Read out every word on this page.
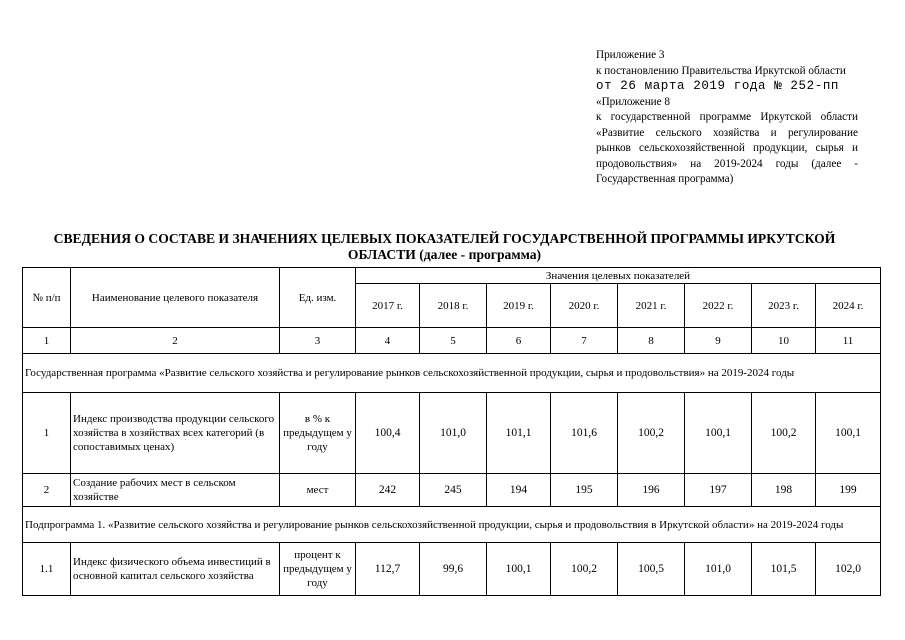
Приложение 3
к постановлению Правительства Иркутской области
от 26 марта 2019 года № 252-пп
«Приложение 8
к государственной программе Иркутской области «Развитие сельского хозяйства и регулирование рынков сельскохозяйственной продукции, сырья и продовольствия» на 2019-2024 годы (далее - Государственная программа)
СВЕДЕНИЯ О СОСТАВЕ И ЗНАЧЕНИЯХ ЦЕЛЕВЫХ ПОКАЗАТЕЛЕЙ ГОСУДАРСТВЕННОЙ ПРОГРАММЫ ИРКУТСКОЙ ОБЛАСТИ (далее - программа)
№ п/п	Наименование целевого показателя	Ед. изм.	Значения целевых показателей							
			2017 г.	2018 г.	2019 г.	2020 г.	2021 г.	2022 г.	2023 г.	2024 г.
1	2	3	4	5	6	7	8	9	10	11
Государственная программа «Развитие сельского хозяйства и регулирование рынков сельскохозяйственной продукции, сырья и продовольствия» на 2019-2024 годы										
1	Индекс производства продукции сельского хозяйства в хозяйствах всех категорий (в сопоставимых ценах)	в % к предыдущем у году	100,4	101,0	101,1	101,6	100,2	100,1	100,2	100,1
2	Создание рабочих мест в сельском хозяйстве	мест	242	245	194	195	196	197	198	199
Подпрограмма 1. «Развитие сельского хозяйства и регулирование рынков сельскохозяйственной продукции, сырья и продовольствия в Иркутской области» на 2019-2024 годы										
1.1	Индекс физического объема инвестиций в основной капитал сельского хозяйства	процент к предыдущем у году	112,7	99,6	100,1	100,2	100,5	101,0	101,5	102,0
